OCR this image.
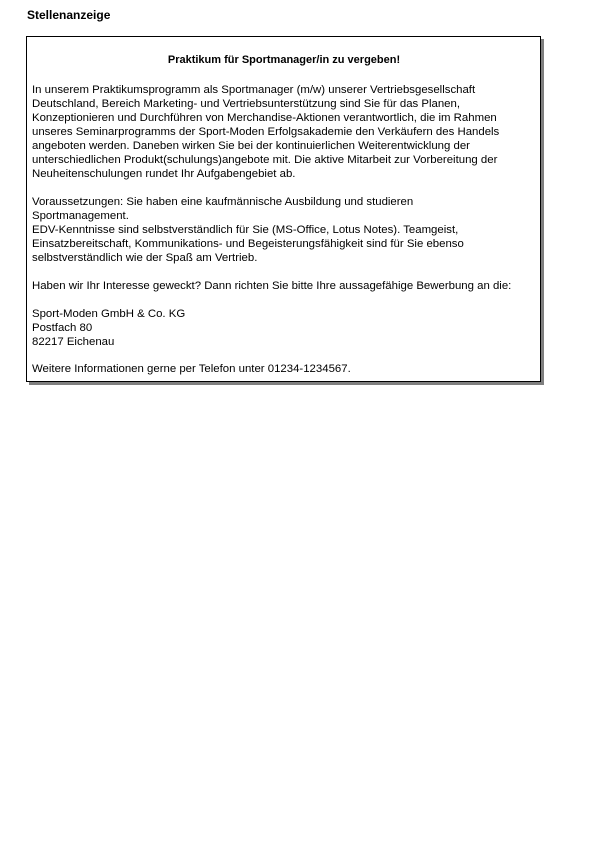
Stellenanzeige
Praktikum für Sportmanager/in zu vergeben!
In unserem Praktikumsprogramm als Sportmanager (m/w) unserer Vertriebsgesellschaft
Deutschland, Bereich Marketing- und Vertriebsunterstützung sind Sie für das Planen,
Konzeptionieren und Durchführen von Merchandise-Aktionen verantwortlich, die im Rahmen
unseres Seminarprogramms der Sport-Moden Erfolgsakademie den Verkäufern des Handels
angeboten werden. Daneben wirken Sie bei der kontinuierlichen Weiterentwicklung der
unterschiedlichen Produkt(schulungs)angebote mit. Die aktive Mitarbeit zur Vorbereitung der
Neuheitenschulungen rundet Ihr Aufgabengebiet ab.
Voraussetzungen: Sie haben eine kaufmännische Ausbildung und studieren
Sportmanagement.
EDV-Kenntnisse sind selbstverständlich für Sie (MS-Office, Lotus Notes). Teamgeist,
Einsatzbereitschaft, Kommunikations- und Begeisterungsfähigkeit sind für Sie ebenso
selbstverständlich wie der Spaß am Vertrieb.
Haben wir Ihr Interesse geweckt? Dann richten Sie bitte Ihre aussagefähige Bewerbung an die:
Sport-Moden GmbH & Co. KG
Postfach 80
82217 Eichenau
Weitere Informationen gerne per Telefon unter 01234-1234567.
